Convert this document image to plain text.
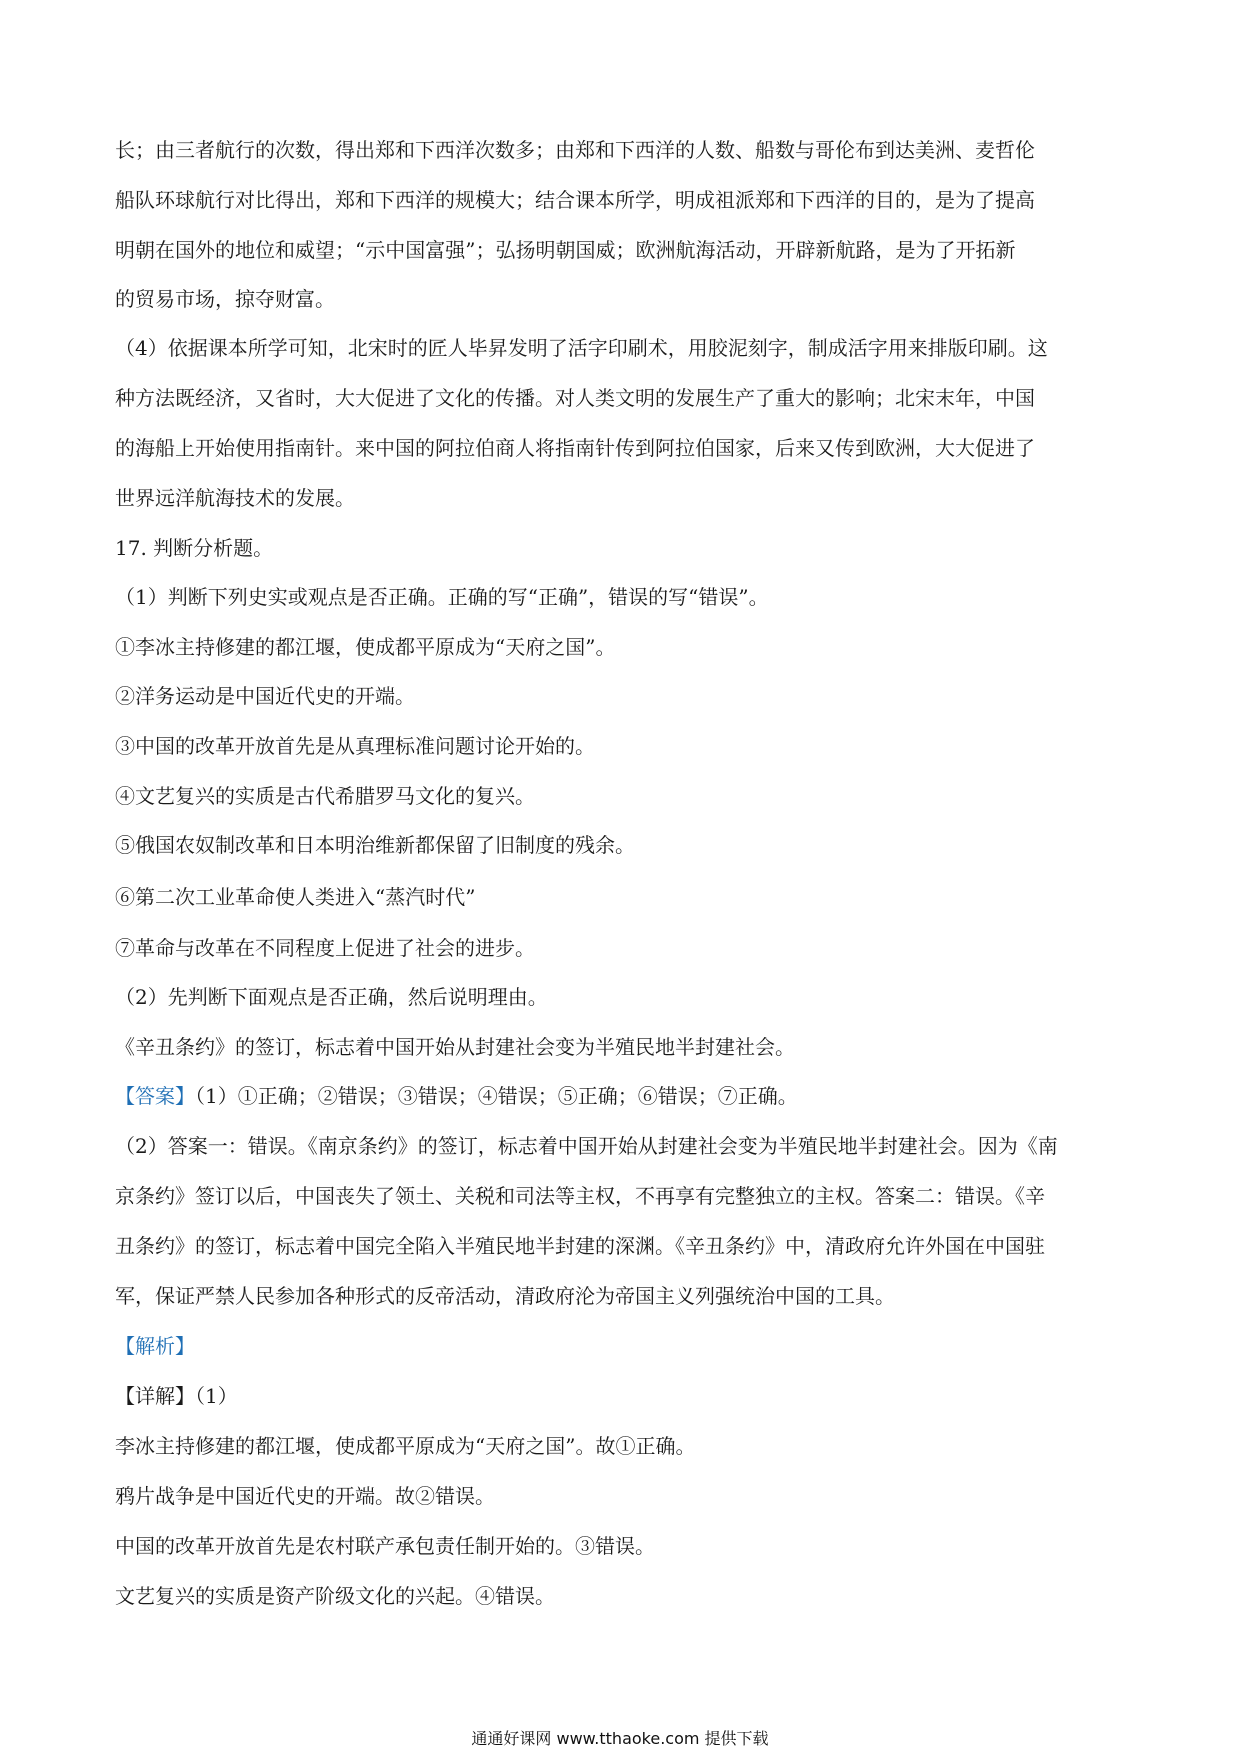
长；由三者航行的次数，得出郑和下西洋次数多；由郑和下西洋的人数、船数与哥伦布到达美洲、麦哲伦
船队环球航行对比得出，郑和下西洋的规模大；结合课本所学，明成祖派郑和下西洋的目的，是为了提高
明朝在国外的地位和威望；“示中国富强”；弘扬明朝国威；欧洲航海活动，开辟新航路，是为了开拓新
的贸易市场，掠夺财富。
（4）依据课本所学可知，北宋时的匠人毕昇发明了活字印刷术，用胶泥刻字，制成活字用来排版印刷。这
种方法既经济，又省时，大大促进了文化的传播。对人类文明的发展生产了重大的影响；北宋末年，中国
的海船上开始使用指南针。来中国的阿拉伯商人将指南针传到阿拉伯国家，后来又传到欧洲，大大促进了
世界远洋航海技术的发展。
17. 判断分析题。
（1）判断下列史实或观点是否正确。正确的写“正确”，错误的写“错误”。
①李冰主持修建的都江堰，使成都平原成为“天府之国”。
②洋务运动是中国近代史的开端。
③中国的改革开放首先是从真理标准问题讨论开始的。
④文艺复兴的实质是古代希腊罗马文化的复兴。
⑤俄国农奴制改革和日本明治维新都保留了旧制度的残余。
⑥第二次工业革命使人类进入“蒸汽时代”
⑦革命与改革在不同程度上促进了社会的进步。
（2）先判断下面观点是否正确，然后说明理由。
《辛丑条约》的签订，标志着中国开始从封建社会变为半殖民地半封建社会。
【答案】（1）①正确；②错误；③错误；④错误；⑤正确；⑥错误；⑦正确。
（2）答案一：错误。《南京条约》的签订，标志着中国开始从封建社会变为半殖民地半封建社会。因为《南
京条约》签订以后，中国丧失了领土、关税和司法等主权，不再享有完整独立的主权。答案二：错误。《辛
丑条约》的签订，标志着中国完全陷入半殖民地半封建的深渊。《辛丑条约》中，清政府允许外国在中国驻
军，保证严禁人民参加各种形式的反帝活动，清政府沦为帝国主义列强统治中国的工具。
【解析】
【详解】（1）
李冰主持修建的都江堰，使成都平原成为“天府之国”。故①正确。
鸦片战争是中国近代史的开端。故②错误。
中国的改革开放首先是农村联产承包责任制开始的。③错误。
文艺复兴的实质是资产阶级文化的兴起。④错误。
通通好课网 www.tthaoke.com 提供下载
